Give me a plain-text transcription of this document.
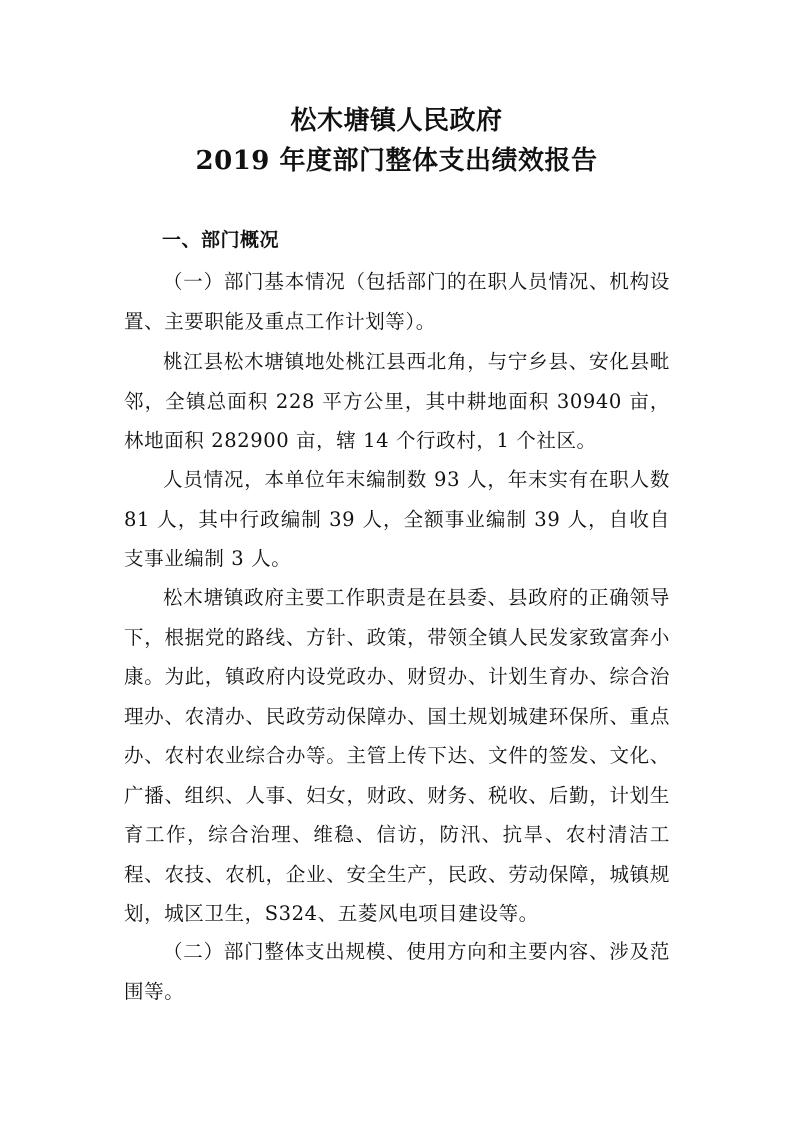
松木塘镇人民政府
2019 年度部门整体支出绩效报告
一、部门概况
（一）部门基本情况（包括部门的在职人员情况、机构设置、主要职能及重点工作计划等）。
桃江县松木塘镇地处桃江县西北角，与宁乡县、安化县毗邻，全镇总面积 228 平方公里，其中耕地面积 30940 亩，林地面积 282900 亩，辖 14 个行政村，1 个社区。
人员情况，本单位年末编制数 93 人，年末实有在职人数 81 人，其中行政编制 39 人，全额事业编制 39 人，自收自支事业编制 3 人。
松木塘镇政府主要工作职责是在县委、县政府的正确领导下，根据党的路线、方针、政策，带领全镇人民发家致富奔小康。为此，镇政府内设党政办、财贸办、计划生育办、综合治理办、农清办、民政劳动保障办、国土规划城建环保所、重点办、农村农业综合办等。主管上传下达、文件的签发、文化、广播、组织、人事、妇女，财政、财务、税收、后勤，计划生育工作，综合治理、维稳、信访，防汛、抗旱、农村清洁工程、农技、农机，企业、安全生产，民政、劳动保障，城镇规划，城区卫生，S324、五菱风电项目建设等。
（二）部门整体支出规模、使用方向和主要内容、涉及范围等。
